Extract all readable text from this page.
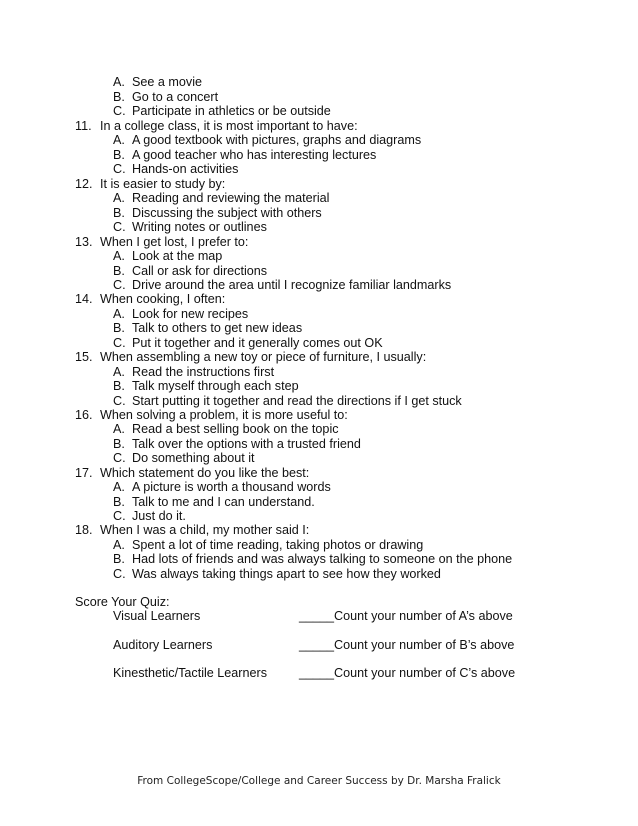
A. See a movie
B. Go to a concert
C. Participate in athletics or be outside
11. In a college class, it is most important to have:
A. A good textbook with pictures, graphs and diagrams
B. A good teacher who has interesting lectures
C. Hands-on activities
12. It is easier to study by:
A. Reading and reviewing the material
B. Discussing the subject with others
C. Writing notes or outlines
13. When I get lost, I prefer to:
A. Look at the map
B. Call or ask for directions
C. Drive around the area until I recognize familiar landmarks
14. When cooking, I often:
A. Look for new recipes
B. Talk to others to get new ideas
C. Put it together and it generally comes out OK
15. When assembling a new toy or piece of furniture, I usually:
A. Read the instructions first
B. Talk myself through each step
C. Start putting it together and read the directions if I get stuck
16. When solving a problem, it is more useful to:
A. Read a best selling book on the topic
B. Talk over the options with a trusted friend
C. Do something about it
17. Which statement do you like the best:
A. A picture is worth a thousand words
B. Talk to me and I can understand.
C. Just do it.
18. When I was a child, my mother said I:
A. Spent a lot of time reading, taking photos or drawing
B. Had lots of friends and was always talking to someone on the phone
C. Was always taking things apart to see how they worked
Score Your Quiz:
Visual Learners	_____Count your number of A’s above
Auditory Learners	_____Count your number of B’s above
Kinesthetic/Tactile Learners	_____Count your number of C’s above
From CollegeScope/College and Career Success by Dr. Marsha Fralick
